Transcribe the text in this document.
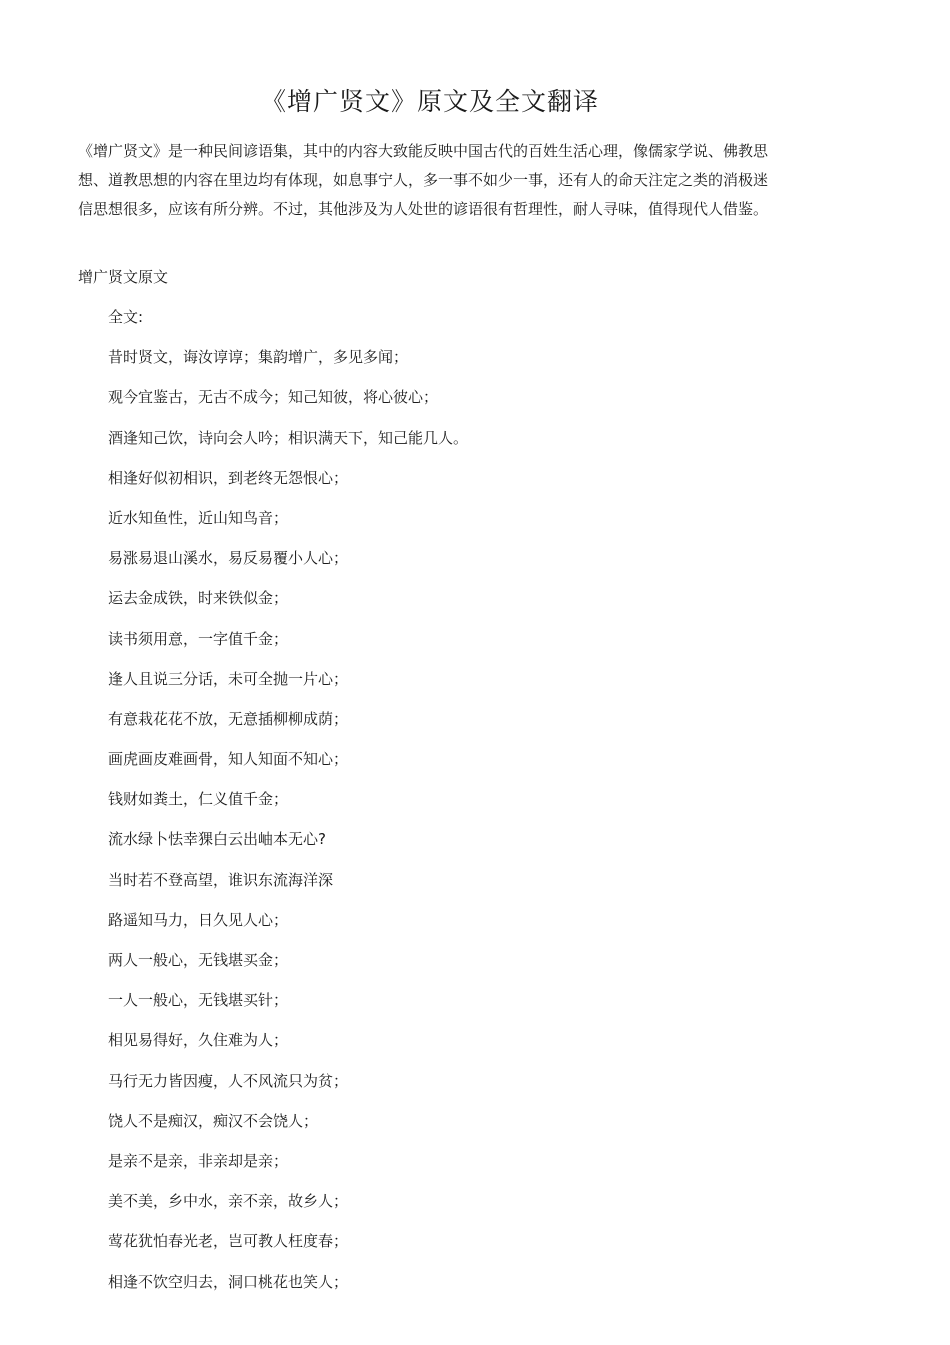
《增广贤文》原文及全文翻译

《增广贤文》是一种民间谚语集，其中的内容大致能反映中国古代的百姓生活心理，像儒家学说、佛教思想、道教思想的内容在里边均有体现，如息事宁人，多一事不如少一事，还有人的命天注定之类的消极迷信思想很多，应该有所分辨。不过，其他涉及为人处世的谚语很有哲理性，耐人寻味，值得现代人借鉴。

增广贤文原文

全文:
昔时贤文，诲汝谆谆；集韵增广，多见多闻；
观今宜鉴古，无古不成今；知己知彼，将心彼心；
酒逢知己饮，诗向会人吟；相识满天下，知己能几人。
相逢好似初相识，到老终无怨恨心；
近水知鱼性，近山知鸟音；
易涨易退山溪水，易反易覆小人心；
运去金成铁，时来铁似金；
读书须用意，一字值千金；
逢人且说三分话，未可全抛一片心；
有意栽花花不放，无意插柳柳成荫；
画虎画皮难画骨，知人知面不知心；
钱财如粪土，仁义值千金；
流水绿卜怯幸猓白云出岫本无心?
当时若不登高望，谁识东流海洋深
路遥知马力，日久见人心；
两人一般心，无钱堪买金；
一人一般心，无钱堪买针；
相见易得好，久住难为人；
马行无力皆因瘦，人不风流只为贫；
饶人不是痴汉，痴汉不会饶人；
是亲不是亲，非亲却是亲；
美不美，乡中水，亲不亲，故乡人；
莺花犹怕春光老，岂可教人枉度春；
相逢不饮空归去，洞口桃花也笑人；
